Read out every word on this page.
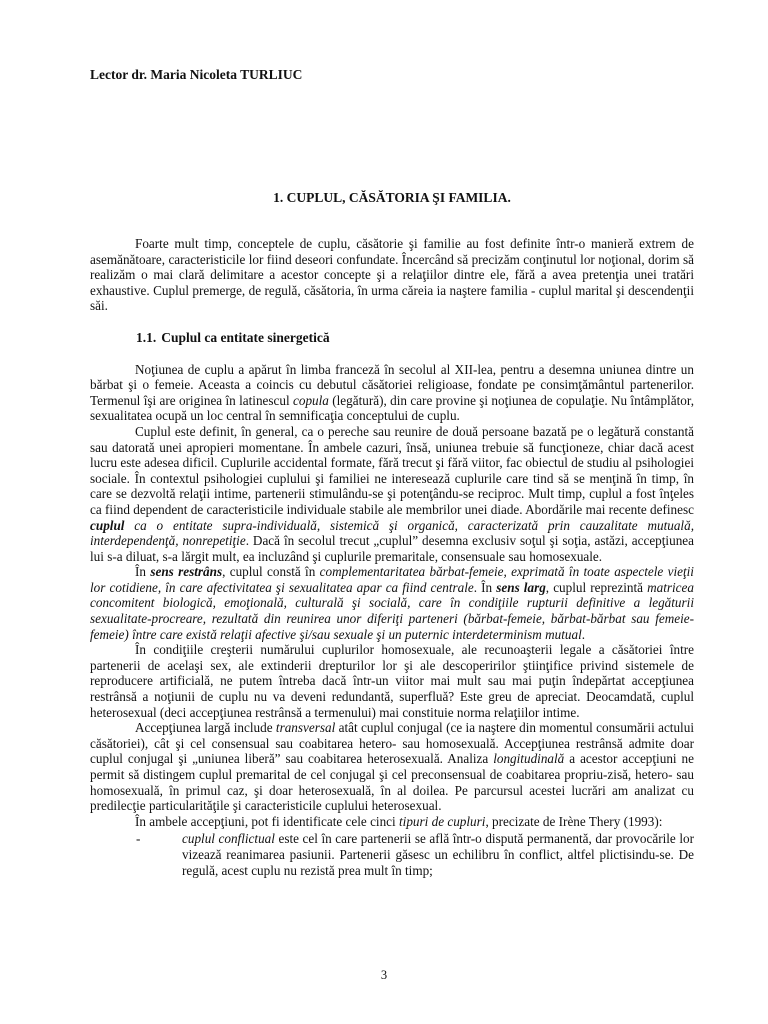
Lector dr. Maria Nicoleta TURLIUC
1. CUPLUL, CĂSĂTORIA ŞI FAMILIA.

Foarte mult timp, conceptele de cuplu, căsătorie şi familie au fost definite într-o manieră extrem de asemănătoare, caracteristicile lor fiind deseori confundate. Încercând să precizăm conţinutul lor noţional, dorim să realizăm o mai clară delimitare a acestor concepte şi a relaţiilor dintre ele, fără a avea pretenţia unei tratări exhaustive. Cuplul premerge, de regulă, căsătoria, în urma căreia ia naştere familia - cuplul marital şi descendenţii săi.

1.1. Cuplul ca entitate sinergetică

Noţiunea de cuplu a apărut în limba franceză în secolul al XII-lea, pentru a desemna uniunea dintre un bărbat şi o femeie. Aceasta a coincis cu debutul căsătoriei religioase, fondate pe consimţământul partenerilor. Termenul îşi are originea în latinescul copula (legătură), din care provine şi noţiunea de copulaţie. Nu întâmplător, sexualitatea ocupă un loc central în semnificaţia conceptului de cuplu.

Cuplul este definit, în general, ca o pereche sau reunire de două persoane bazată pe o legătură constantă sau datorată unei apropieri momentane. În ambele cazuri, însă, uniunea trebuie să funcţioneze, chiar dacă acest lucru este adesea dificil. Cuplurile accidental formate, fără trecut şi fără viitor, fac obiectul de studiu al psihologiei sociale. În contextul psihologiei cuplului şi familiei ne interesează cuplurile care tind să se menţină în timp, în care se dezvoltă relaţii intime, partenerii stimulându-se şi potenţându-se reciproc. Mult timp, cuplul a fost înţeles ca fiind dependent de caracteristicile individuale stabile ale membrilor unei diade. Abordările mai recente definesc cuplul ca o entitate supra-individuală, sistemică şi organică, caracterizată prin cauzalitate mutuală, interdependenţă, nonrepetiţie. Dacă în secolul trecut „cuplul” desemna exclusiv soţul şi soţia, astăzi, accepţiunea lui s-a diluat, s-a lărgit mult, ea incluzând şi cuplurile premaritale, consensuale sau homosexuale.

În sens restrâns, cuplul constă în complementaritatea bărbat-femeie, exprimată în toate aspectele vieţii lor cotidiene, în care afectivitatea şi sexualitatea apar ca fiind centrale. În sens larg, cuplul reprezintă matricea concomitent biologică, emoţională, culturală şi socială, care în condiţiile rupturii definitive a legăturii sexualitate-procreare, rezultată din reunirea unor diferiţi parteneri (bărbat-femeie, bărbat-bărbat sau femeie-femeie) între care există relaţii afective şi/sau sexuale şi un puternic interdeterminism mutual.

În condiţiile creşterii numărului cuplurilor homosexuale, ale recunoaşterii legale a căsătoriei între partenerii de acelaşi sex, ale extinderii drepturilor lor şi ale descoperirilor ştiinţifice privind sistemele de reproducere artificială, ne putem întreba dacă într-un viitor mai mult sau mai puţin îndepărtat accepţiunea restrânsă a noţiunii de cuplu nu va deveni redundantă, superfluă? Este greu de apreciat. Deocamdată, cuplul heterosexual (deci accepţiunea restrânsă a termenului) mai constituie norma relaţiilor intime.

Accepţiunea largă include transversal atât cuplul conjugal (ce ia naştere din momentul consumării actului căsătoriei), cât şi cel consensual sau coabitarea hetero- sau homosexuală. Accepţiunea restrânsă admite doar cuplul conjugal şi „uniunea liberă” sau coabitarea heterosexuală. Analiza longitudinală a acestor accepţiuni ne permit să distingem cuplul premarital de cel conjugal şi cel preconsensual de coabitarea propriu-zisă, hetero- sau homosexuală, în primul caz, şi doar heterosexuală, în al doilea. Pe parcursul acestei lucrări am analizat cu predilecţie particularităţile şi caracteristicile cuplului heterosexual.

În ambele accepţiuni, pot fi identificate cele cinci tipuri de cupluri, precizate de Irène Thery (1993):

-	cuplul conflictual este cel în care partenerii se află într-o dispută permanentă, dar provocările lor vizează reanimarea pasiunii. Partenerii găsesc un echilibru în conflict, altfel plictisindu-se. De regulă, acest cuplu nu rezistă prea mult în timp;
3
